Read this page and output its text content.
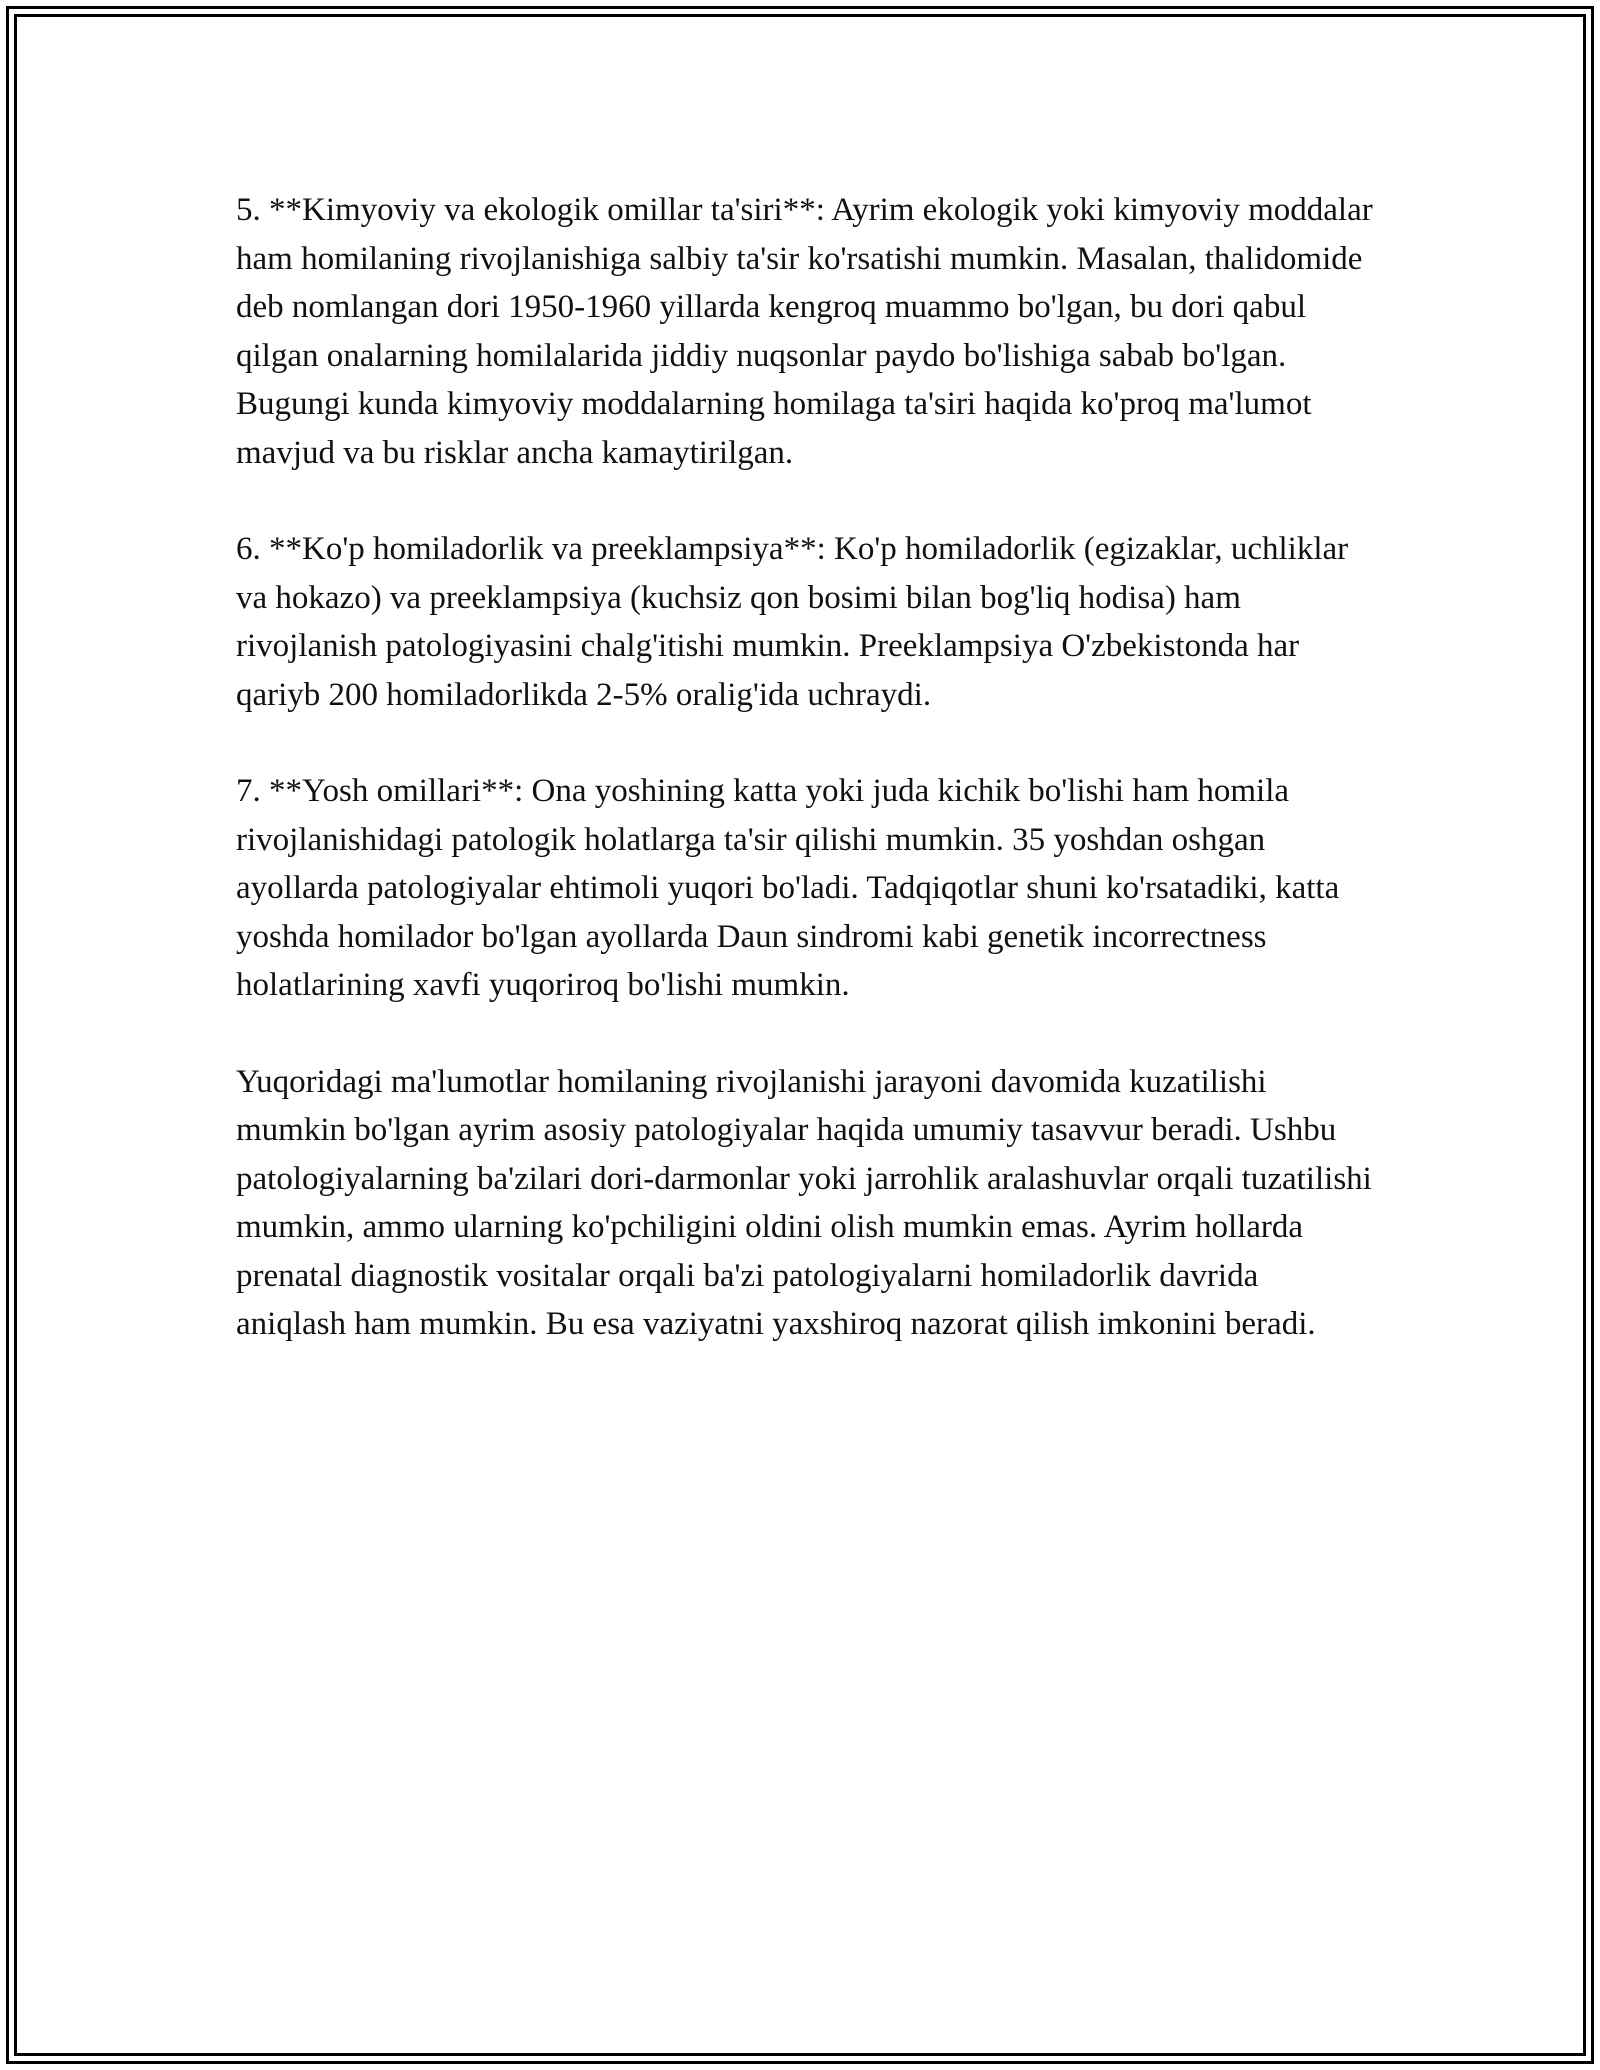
5. **Kimyoviy va ekologik omillar ta'siri**: Ayrim ekologik yoki kimyoviy moddalar ham homilaning rivojlanishiga salbiy ta'sir ko'rsatishi mumkin. Masalan, thalidomide deb nomlangan dori 1950-1960 yillarda kengroq muammo bo'lgan, bu dori qabul qilgan onalarning homilalarida jiddiy nuqsonlar paydo bo'lishiga sabab bo'lgan. Bugungi kunda kimyoviy moddalarning homilaga ta'siri haqida ko'proq ma'lumot mavjud va bu risklar ancha kamaytirilgan.

6. **Ko'p homiladorlik va preeklampsiya**: Ko'p homiladorlik (egizaklar, uchliklar va hokazo) va preeklampsiya (kuchsiz qon bosimi bilan bog'liq hodisa) ham rivojlanish patologiyasini chalg'itishi mumkin. Preeklampsiya O'zbekistonda har qariyb 200 homiladorlikda 2-5% oralig'ida uchraydi.

7. **Yosh omillari**: Ona yoshining katta yoki juda kichik bo'lishi ham homila rivojlanishidagi patologik holatlarga ta'sir qilishi mumkin. 35 yoshdan oshgan ayollarda patologiyalar ehtimoli yuqori bo'ladi. Tadqiqotlar shuni ko'rsatadiki, katta yoshda homilador bo'lgan ayollarda Daun sindromi kabi genetik incorrectness holatlarining xavfi yuqoriroq bo'lishi mumkin.

Yuqoridagi ma'lumotlar homilaning rivojlanishi jarayoni davomida kuzatilishi mumkin bo'lgan ayrim asosiy patologiyalar haqida umumiy tasavvur beradi. Ushbu patologiyalarning ba'zilari dori-darmonlar yoki jarrohlik aralashuvlar orqali tuzatilishi mumkin, ammo ularning ko'pchiligini oldini olish mumkin emas. Ayrim hollarda prenatal diagnostik vositalar orqali ba'zi patologiyalarni homiladorlik davrida aniqlash ham mumkin. Bu esa vaziyatni yaxshiroq nazorat qilish imkonini beradi.
